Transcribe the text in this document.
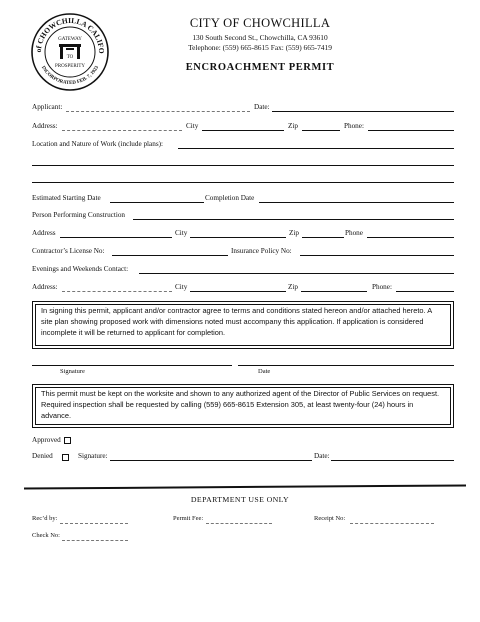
of CHOWCHILLA CALIFO
INCORPORATED FEB. 7, 1923
GATEWAY
TO
PROSPERITY
CITY OF CHOWCHILLA
130 South Second St., Chowchilla, CA 93610
Telephone: (559) 665-8615 Fax: (559) 665-7419
ENCROACHMENT PERMIT
Applicant:	Date:
Address:	City	Zip	Phone:
Location and Nature of Work (include plans):
Estimated Starting Date	Completion Date
Person Performing Construction
Address	City	Zip	Phone
Contractor’s License No:	Insurance Policy No:
Evenings and Weekends Contact:
Address:	City	Zip	Phone:
In signing this permit, applicant and/or contractor agree to terms and conditions stated hereon and/or attached hereto. A site plan showing proposed work with dimensions noted must accompany this application. If application is considered incomplete it will be returned to applicant for completion.
Signature	Date
This permit must be kept on the worksite and shown to any authorized agent of the Director of Public Services on request. Required inspection shall be requested by calling (559) 665-8615 Extension 305, at least twenty-four (24) hours in advance.
Approved
Denied	Signature:	Date:
DEPARTMENT USE ONLY
Rec’d by:	Permit Fee:	Receipt No:
Check No:
